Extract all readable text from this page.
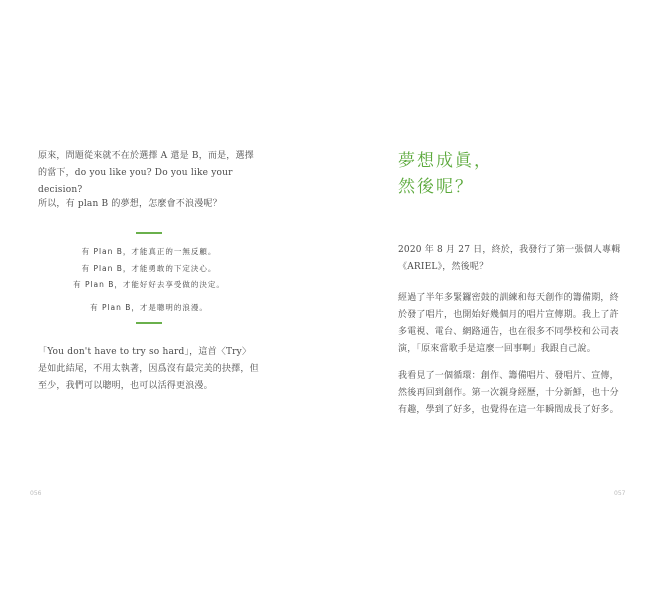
原來，問題從來就不在於選擇 A 還是 B，而是，選擇的當下，do you like you? Do you like your decision?

所以，有 plan B 的夢想，怎麼會不浪漫呢？

有 Plan B，才能真正的一無反顧。
有 Plan B，才能勇敢的下定決心。
有 Plan B，才能好好去享受做的決定。
有 Plan B，才是聰明的浪漫。

「You don't have to try so hard」，這首〈Try〉是如此結尾，不用太執著，因爲沒有最完美的抉擇，但至少，我們可以聰明，也可以活得更浪漫。

056
夢想成眞，
然後呢？

2020 年 8 月 27 日，終於，我發行了第一張個人專輯《ARIEL》，然後呢？

經過了半年多緊鑼密鼓的訓練和每天創作的籌備期，終於發了唱片，也開始好幾個月的唱片宣傳期。我上了許多電視、電台、網路通告，也在很多不同學校和公司表演，「原來當歌手是這麼一回事啊」我跟自己說。

我看見了一個循環：創作、籌備唱片、發唱片、宣傳，然後再回到創作。第一次親身經歷，十分新鮮，也十分有趣，學到了好多，也覺得在這一年瞬間成長了好多。

057
